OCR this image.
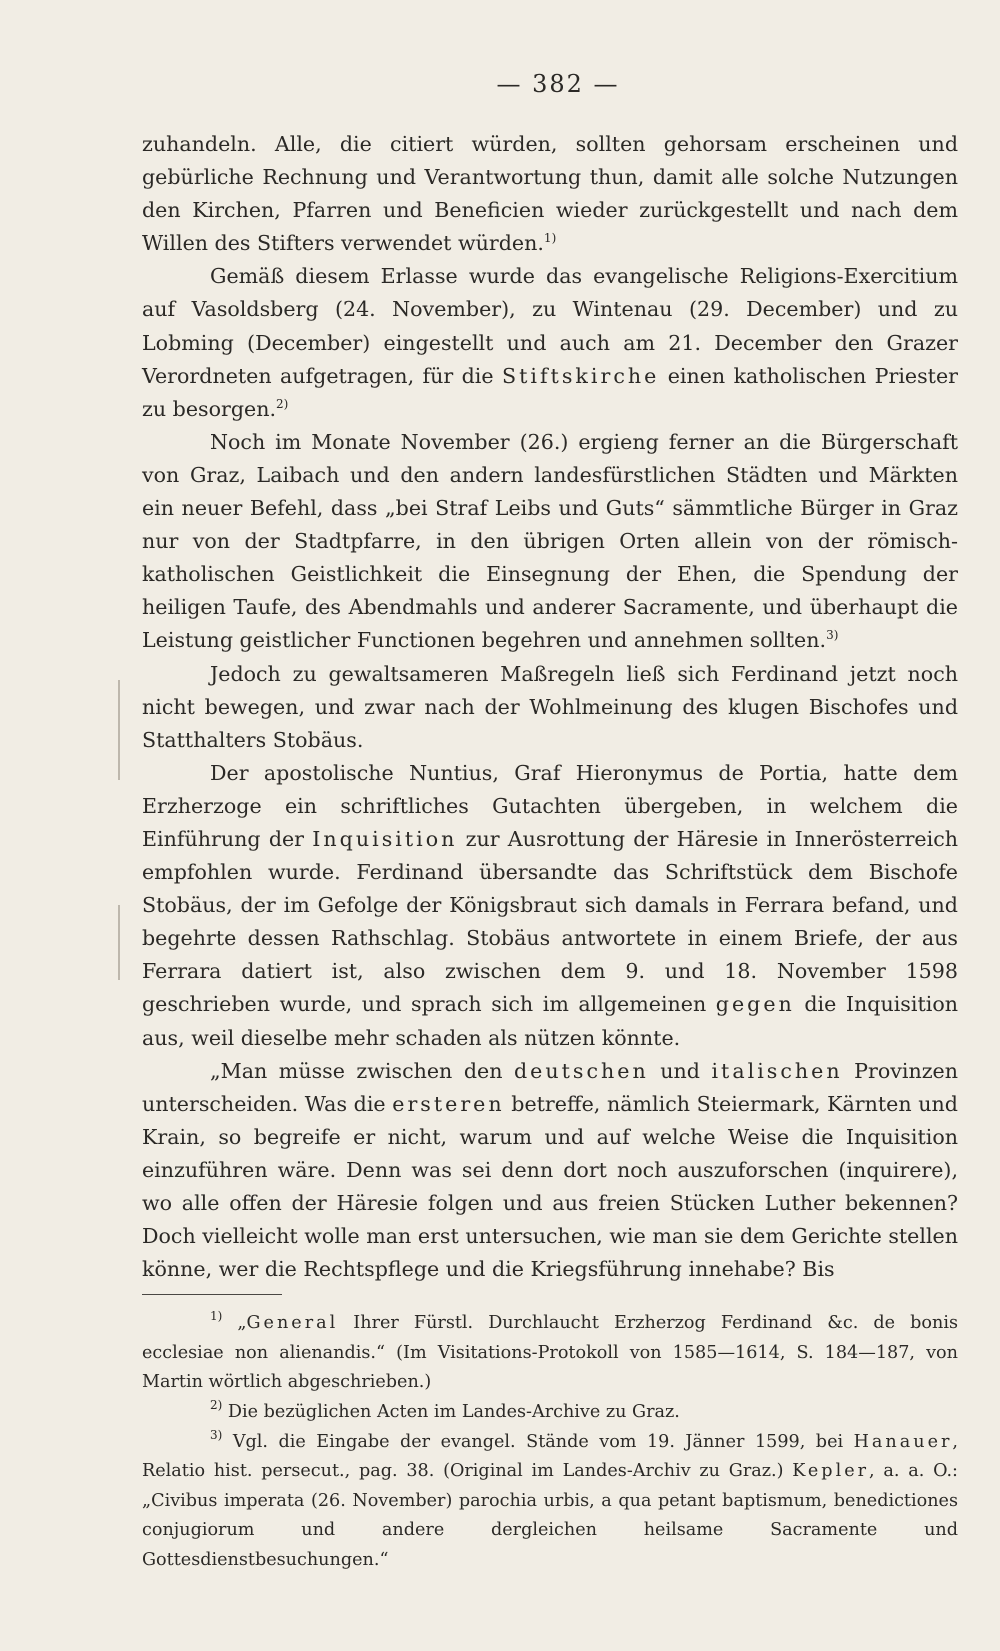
— 382 —

zuhandeln. Alle, die citiert würden, sollten gehorsam erscheinen und gebürliche Rechnung und Verantwortung thun, damit alle solche Nutzungen den Kirchen, Pfarren und Beneficien wieder zurückgestellt und nach dem Willen des Stifters verwendet würden.$^{1)}$

Gemäß diesem Erlasse wurde das evangelische Religions-Exercitium auf Vasoldsberg (24. November), zu Wintenau (29. December) und zu Lobming (December) eingestellt und auch am 21. December den Grazer Verordneten aufgetragen, für die Stiftskirche einen katholischen Priester zu besorgen.$^{2)}$

Noch im Monate November (26.) ergieng ferner an die Bürgerschaft von Graz, Laibach und den andern landesfürstlichen Städten und Märkten ein neuer Befehl, dass „bei Straf Leibs und Guts“ sämmtliche Bürger in Graz nur von der Stadtpfarre, in den übrigen Orten allein von der römisch-katholischen Geistlichkeit die Einsegnung der Ehen, die Spendung der heiligen Taufe, des Abendmahls und anderer Sacramente, und überhaupt die Leistung geistlicher Functionen begehren und annehmen sollten.$^{3)}$

Jedoch zu gewaltsameren Maßregeln ließ sich Ferdinand jetzt noch nicht bewegen, und zwar nach der Wohlmeinung des klugen Bischofes und Statthalters Stobäus.

Der apostolische Nuntius, Graf Hieronymus de Portia, hatte dem Erzherzoge ein schriftliches Gutachten übergeben, in welchem die Einführung der Inquisition zur Ausrottung der Häresie in Innerösterreich empfohlen wurde. Ferdinand übersandte das Schriftstück dem Bischofe Stobäus, der im Gefolge der Königsbraut sich damals in Ferrara befand, und begehrte dessen Rathschlag. Stobäus antwortete in einem Briefe, der aus Ferrara datiert ist, also zwischen dem 9. und 18. November 1598 geschrieben wurde, und sprach sich im allgemeinen gegen die Inquisition aus, weil dieselbe mehr schaden als nützen könnte.

„Man müsse zwischen den deutschen und italischen Provinzen unterscheiden. Was die ersteren betreffe, nämlich Steiermark, Kärnten und Krain, so begreife er nicht, warum und auf welche Weise die Inquisition einzuführen wäre. Denn was sei denn dort noch auszuforschen (inquirere), wo alle offen der Häresie folgen und aus freien Stücken Luther bekennen? Doch vielleicht wolle man erst untersuchen, wie man sie dem Gerichte stellen könne, wer die Rechtspflege und die Kriegsführung innehabe? Bis

$^{1)}$ „General Ihrer Fürstl. Durchlaucht Erzherzog Ferdinand &c. de bonis ecclesiae non alienandis.“ (Im Visitations-Protokoll von 1585—1614, S. 184—187, von Martin wörtlich abgeschrieben.)

$^{2)}$ Die bezüglichen Acten im Landes-Archive zu Graz.

$^{3)}$ Vgl. die Eingabe der evangel. Stände vom 19. Jänner 1599, bei Hanauer, Relatio hist. persecut., pag. 38. (Original im Landes-Archiv zu Graz.) Kepler, a. a. O.: „Civibus imperata (26. November) parochia urbis, a qua petant baptismum, benedictiones conjugiorum und andere dergleichen heilsame Sacramente und Gottesdienstbesuchungen.“
